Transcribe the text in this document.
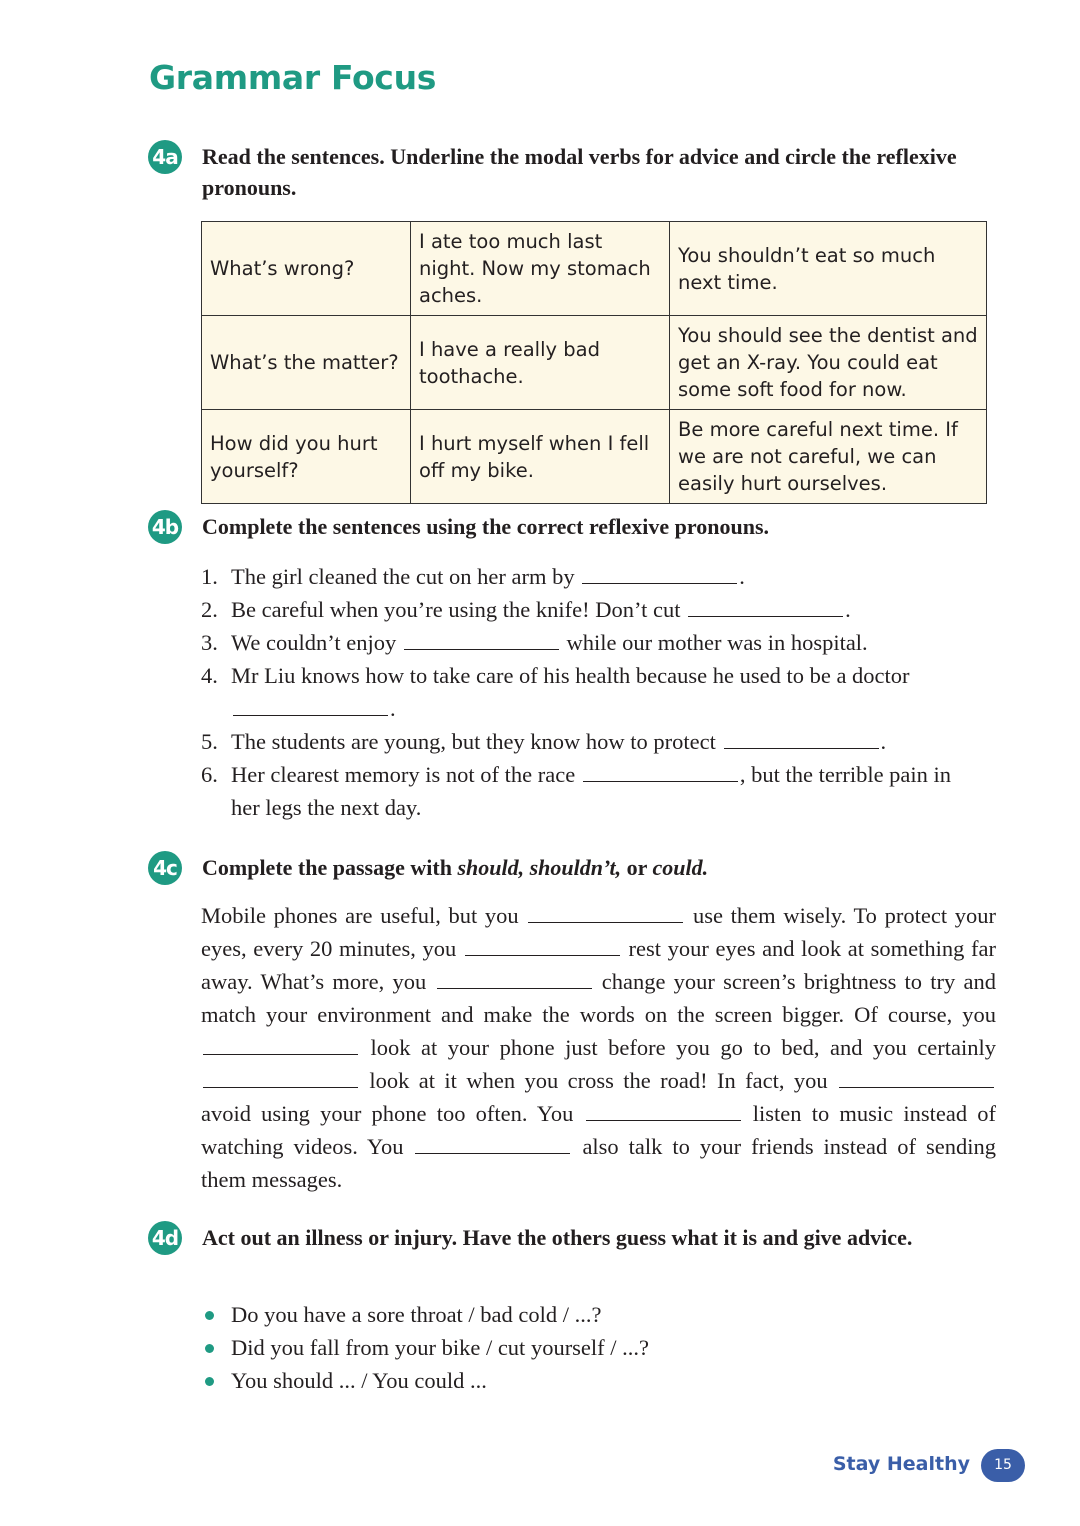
Grammar Focus
4a Read the sentences. Underline the modal verbs for advice and circle the reflexive pronouns.
What’s wrong?	I ate too much last night. Now my stomach aches.	You shouldn’t eat so much next time.
What’s the matter?	I have a really bad toothache.	You should see the dentist and get an X-ray. You could eat some soft food for now.
How did you hurt yourself?	I hurt myself when I fell off my bike.	Be more careful next time. If we are not careful, we can easily hurt ourselves.
4b Complete the sentences using the correct reflexive pronouns.
1. The girl cleaned the cut on her arm by	.
2. Be careful when you’re using the knife! Don’t cut	.
3. We couldn’t enjoy	while our mother was in hospital.
4. Mr Liu knows how to take care of his health because he used to be a doctor .
5. The students are young, but they know how to protect	.
6. Her clearest memory is not of the race	, but the terrible pain in her legs the next day.
4c Complete the passage with should, shouldn’t, or could.
Mobile phones are useful, but you	use them wisely. To protect your eyes, every 20 minutes, you	rest your eyes and look at something far away. What’s more, you	change your screen’s brightness to try and match your environment and make the words on the screen bigger. Of course, you  look at your phone just before you go to bed, and you certainly  look at it when you cross the road! In fact, you  avoid using your phone too often. You	listen to music instead of watching videos. You	also talk to your friends instead of sending them messages.
4d Act out an illness or injury. Have the others guess what it is and give advice.
Do you have a sore throat / bad cold / ...?
Did you fall from your bike / cut yourself / ...?
You should ... / You could ...
Stay Healthy	15
